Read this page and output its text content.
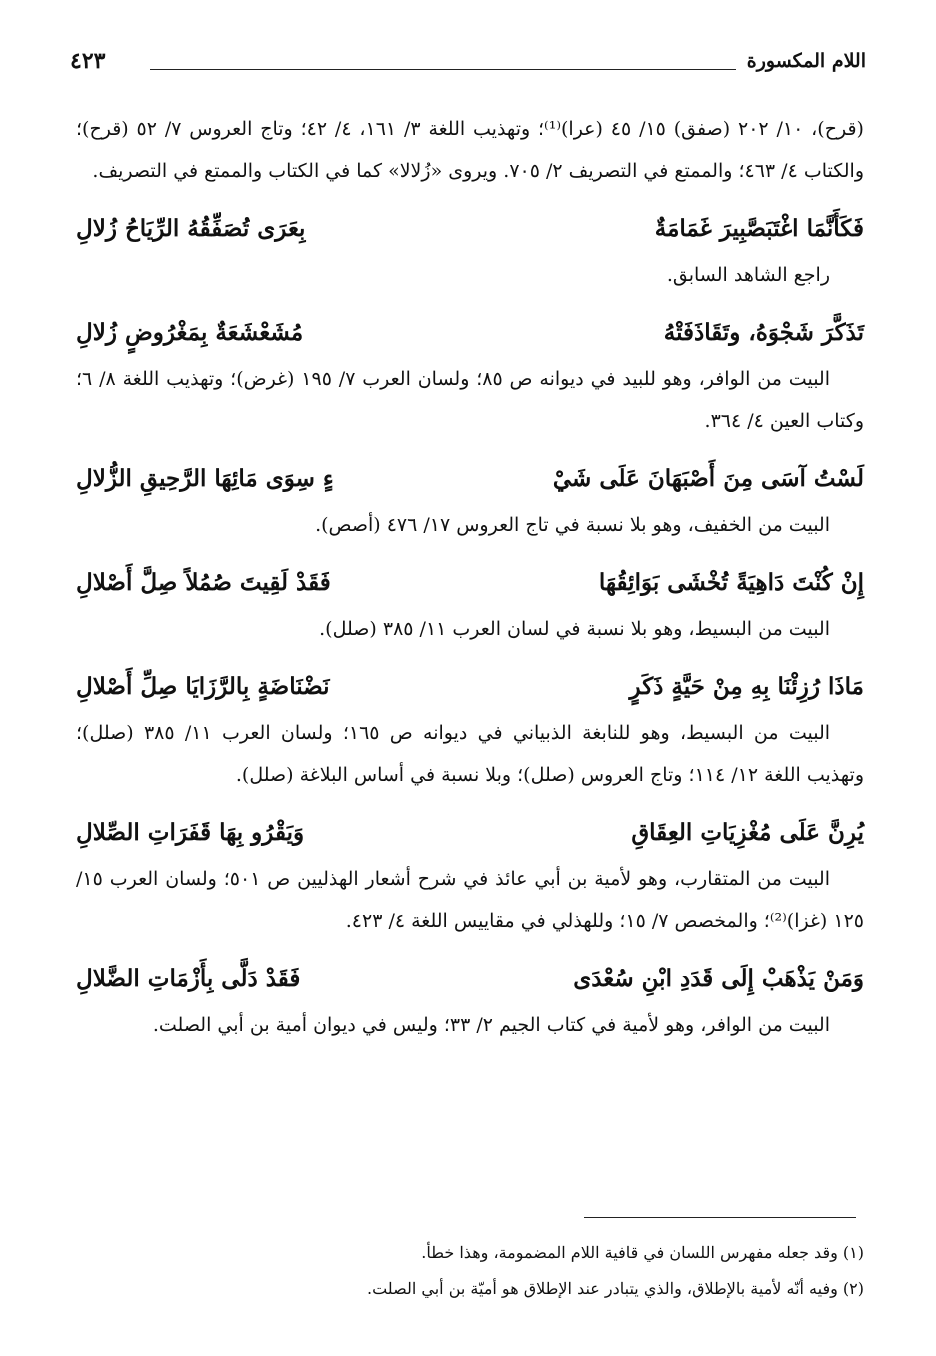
اللام المكسورة
٤٢٣

(قرح)، ١٠/ ٢٠٢ (صفق) ١٥/ ٤٥ (عرا)⁽¹⁾؛ وتهذيب اللغة ٣/ ١٦١، ٤/ ٤٢؛ وتاج العروس ٧/ ٥٢ (قرح)؛ والكتاب ٤/ ٤٦٣؛ والممتع في التصريف ٢/ ٧٠٥. ويروى «زُلالا» كما في الكتاب والممتع في التصريف.

فَكَأَنَّمَا اغْتَبَصَّبِيرَ غَمَامَةٌ
بِعَرَى تُصَفِّقُهُ الرِّيَاحُ زُلالِ

راجع الشاهد السابق.

تَذَكَّرَ شَجْوَهُ، وتَقَاذَفَتْهُ
مُشَعْشَعَةٌ بِمَغْرُوضٍ زُلالِ

البيت من الوافر، وهو للبيد في ديوانه ص ٨٥؛ ولسان العرب ٧/ ١٩٥ (غرض)؛ وتهذيب اللغة ٨/ ٦؛ وكتاب العين ٤/ ٣٦٤.

لَسْتُ آسَى مِنَ أَصْبَهَانَ عَلَى شَيْ
ءٍ سِوَى مَائِهَا الرَّحِيقِ الزُّلالِ

البيت من الخفيف، وهو بلا نسبة في تاج العروس ١٧/ ٤٧٦ (أصص).

إِنْ كُنْتَ دَاهِيَةً تُخْشَى بَوَائِقُهَا
فَقَدْ لَقِيتَ صُمُلاً صِلَّ أَصْلالِ

البيت من البسيط، وهو بلا نسبة في لسان العرب ١١/ ٣٨٥ (صلل).

مَاذَا رُزِئْنَا بِهِ مِنْ حَيَّةٍ ذَكَرٍ
نَضْنَاضَةٍ بِالرَّزَايَا صِلِّ أَصْلالِ

البيت من البسيط، وهو للنابغة الذبياني في ديوانه ص ١٦٥؛ ولسان العرب ١١/ ٣٨٥ (صلل)؛ وتهذيب اللغة ١٢/ ١١٤؛ وتاج العروس (صلل)؛ وبلا نسبة في أساس البلاغة (صلل).

يُرِنَّ عَلَى مُغْزِيَاتِ العِقَاقِ
وَيَقْرُو بِهَا قَفَرَاتِ الصِّلالِ

البيت من المتقارب، وهو لأمية بن أبي عائذ في شرح أشعار الهذليين ص ٥٠١؛ ولسان العرب ١٥/ ١٢٥ (غزا)⁽²⁾؛ والمخصص ٧/ ١٥؛ وللهذلي في مقاييس اللغة ٤/ ٤٢٣.

وَمَنْ يَذْهَبْ إِلَى قَدَدِ ابْنِ سُعْدَى
فَقَدْ دَلَّى بِأَزْمَاتِ الضَّلالِ

البيت من الوافر، وهو لأمية في كتاب الجيم ٢/ ٣٣؛ وليس في ديوان أمية بن أبي الصلت.

(١) وقد جعله مفهرس اللسان في قافية اللام المضمومة، وهذا خطأ.

(٢) وفيه أنّه لأمية بالإطلاق، والذي يتبادر عند الإطلاق هو أميّة بن أبي الصلت.
